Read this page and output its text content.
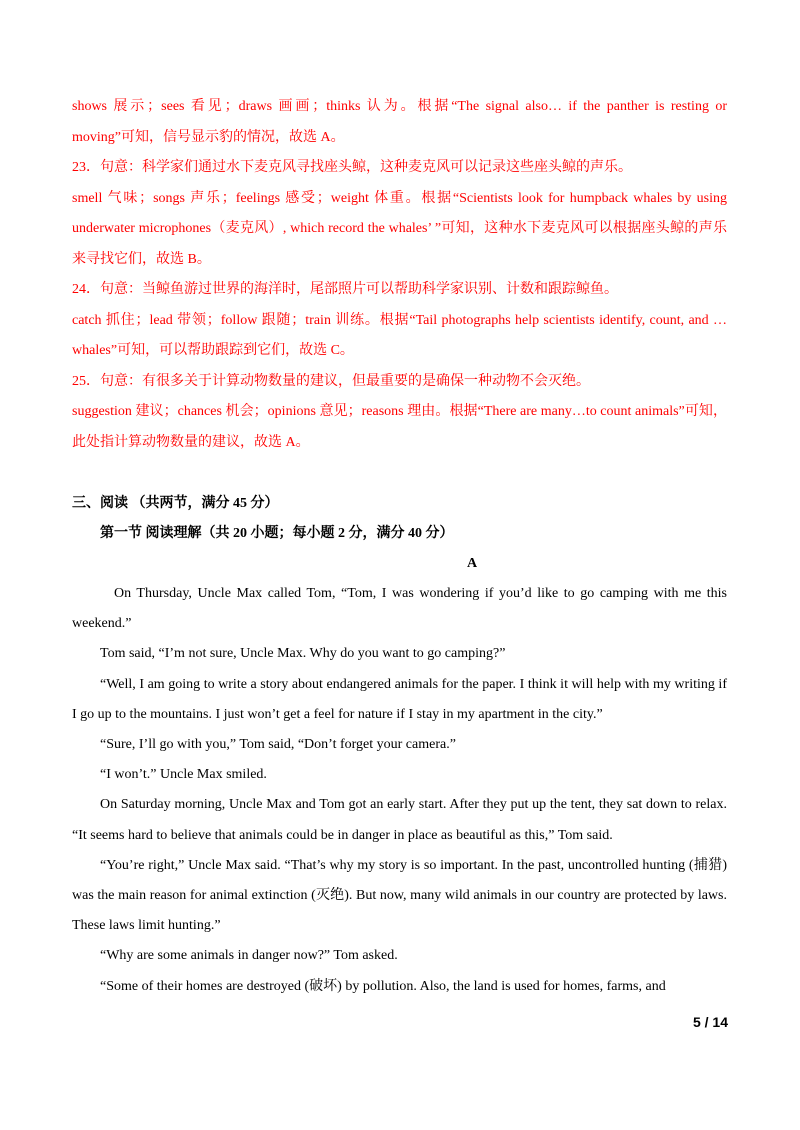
shows 展示；sees 看见；draws 画画；thinks 认为。根据“The signal also… if the panther is resting or moving”可知，信号显示豹的情况，故选 A。

23．句意：科学家们通过水下麦克风寻找座头鲸，这种麦克风可以记录这些座头鲸的声乐。

smell 气味；songs 声乐；feelings 感受；weight 体重。根据“Scientists look for humpback whales by using underwater microphones（麦克风）, which record the whales’ ”可知，这种水下麦克风可以根据座头鲸的声乐来寻找它们，故选 B。

24．句意：当鲸鱼游过世界的海洋时，尾部照片可以帮助科学家识别、计数和跟踪鲸鱼。

catch 抓住；lead 带领；follow 跟随；train 训练。根据“Tail photographs help scientists identify, count, and … whales”可知，可以帮助跟踪到它们，故选 C。

25．句意：有很多关于计算动物数量的建议，但最重要的是确保一种动物不会灭绝。

suggestion 建议；chances 机会；opinions 意见；reasons 理由。根据“There are many…to count animals”可知，此处指计算动物数量的建议，故选 A。

三、阅读 （共两节，满分 45 分）

第一节 阅读理解（共 20 小题；每小题 2 分，满分 40 分）

A

On Thursday, Uncle Max called Tom, “Tom, I was wondering if you’d like to go camping with me this weekend.”

Tom said, “I’m not sure, Uncle Max. Why do you want to go camping?”

“Well, I am going to write a story about endangered animals for the paper. I think it will help with my writing if I go up to the mountains. I just won’t get a feel for nature if I stay in my apartment in the city.”

“Sure, I’ll go with you,” Tom said, “Don’t forget your camera.”

“I won’t.” Uncle Max smiled.

On Saturday morning, Uncle Max and Tom got an early start. After they put up the tent, they sat down to relax. “It seems hard to believe that animals could be in danger in place as beautiful as this,” Tom said.

“You’re right,” Uncle Max said. “That’s why my story is so important. In the past, uncontrolled hunting (捕猎) was the main reason for animal extinction (灭绝). But now, many wild animals in our country are protected by laws. These laws limit hunting.”

“Why are some animals in danger now?” Tom asked.

“Some of their homes are destroyed (破坏) by pollution. Also, the land is used for homes, farms, and

5 / 14
